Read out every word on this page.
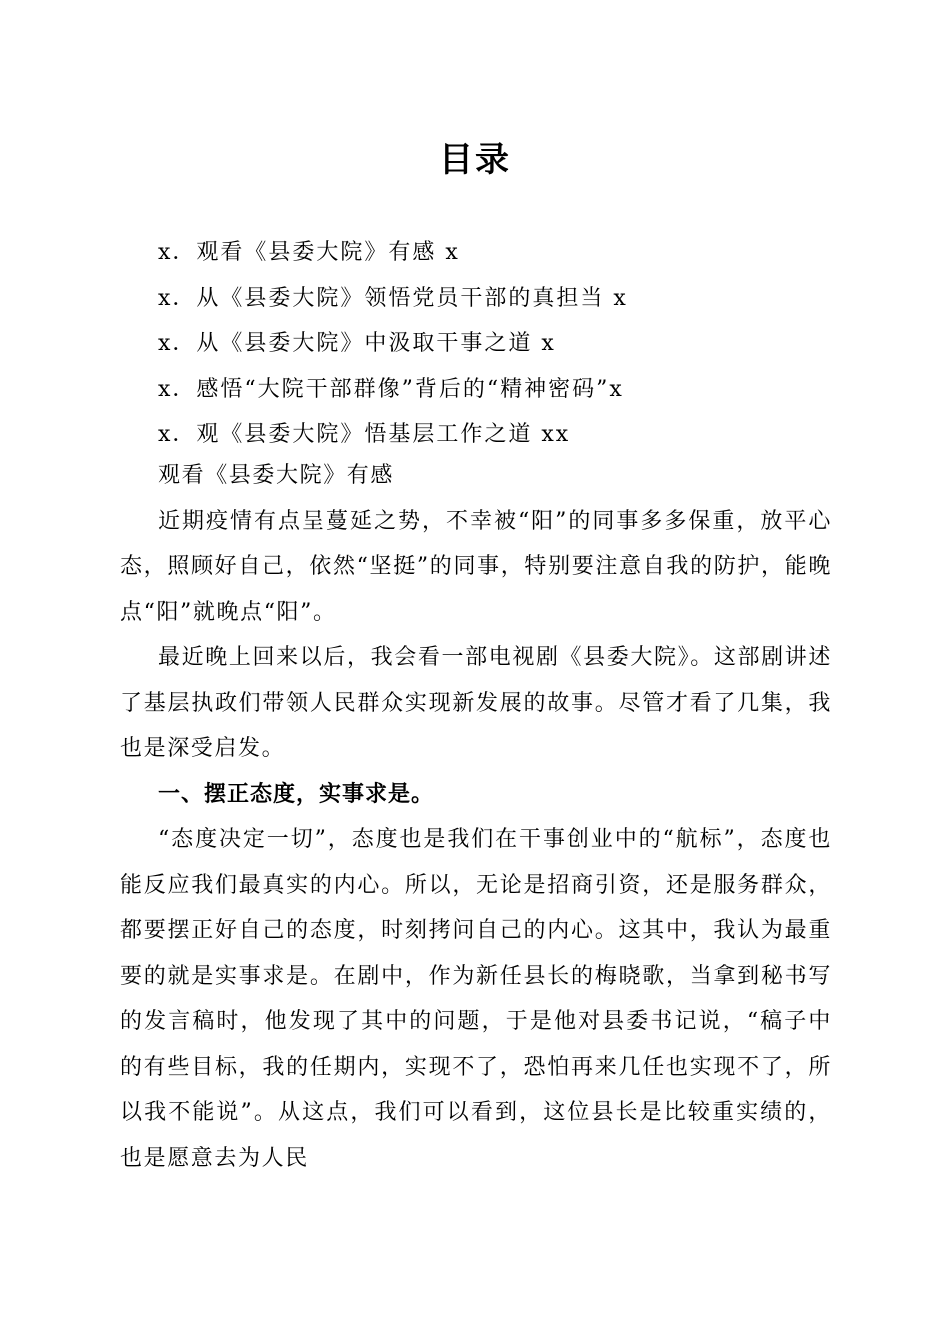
目录
x．观看《县委大院》有感 x
x．从《县委大院》领悟党员干部的真担当 x
x．从《县委大院》中汲取干事之道 x
x．感悟“大院干部群像”背后的“精神密码”x
x．观《县委大院》悟基层工作之道 xx

观看《县委大院》有感

近期疫情有点呈蔓延之势，不幸被“阳”的同事多多保重，放平心态，照顾好自己，依然“坚挺”的同事，特别要注意自我的防护，能晚点“阳”就晚点“阳”。

最近晚上回来以后，我会看一部电视剧《县委大院》。这部剧讲述了基层执政们带领人民群众实现新发展的故事。尽管才看了几集，我也是深受启发。

一、摆正态度，实事求是。

“态度决定一切”，态度也是我们在干事创业中的“航标”，态度也能反应我们最真实的内心。所以，无论是招商引资，还是服务群众，都要摆正好自己的态度，时刻拷问自己的内心。这其中，我认为最重要的就是实事求是。在剧中，作为新任县长的梅晓歌，当拿到秘书写的发言稿时，他发现了其中的问题，于是他对县委书记说，“稿子中的有些目标，我的任期内，实现不了，恐怕再来几任也实现不了，所以我不能说”。从这点，我们可以看到，这位县长是比较重实绩的，也是愿意去为人民
